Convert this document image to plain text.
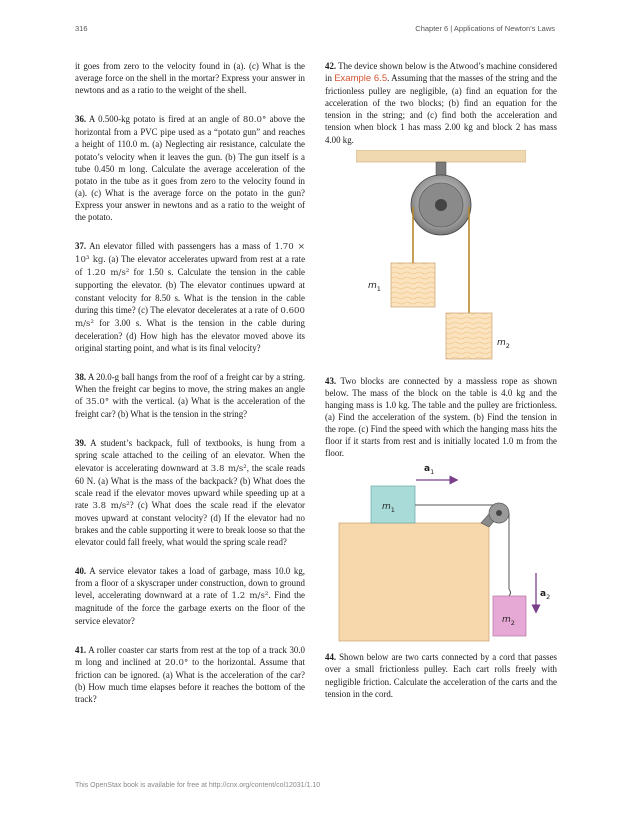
316	Chapter 6 | Applications of Newton's Laws

it goes from zero to the velocity found in (a). (c) What is the average force on the shell in the mortar? Express your answer in newtons and as a ratio to the weight of the shell.

36. A 0.500-kg potato is fired at an angle of 80.0° above the horizontal from a PVC pipe used as a “potato gun” and reaches a height of 110.0 m. (a) Neglecting air resistance, calculate the potato’s velocity when it leaves the gun. (b) The gun itself is a tube 0.450 m long. Calculate the average acceleration of the potato in the tube as it goes from zero to the velocity found in (a). (c) What is the average force on the potato in the gun? Express your answer in newtons and as a ratio to the weight of the potato.

37. An elevator filled with passengers has a mass of 1.70 × 10³ kg. (a) The elevator accelerates upward from rest at a rate of 1.20 m/s² for 1.50 s. Calculate the tension in the cable supporting the elevator. (b) The elevator continues upward at constant velocity for 8.50 s. What is the tension in the cable during this time? (c) The elevator decelerates at a rate of 0.600 m/s² for 3.00 s. What is the tension in the cable during deceleration? (d) How high has the elevator moved above its original starting point, and what is its final velocity?

38. A 20.0-g ball hangs from the roof of a freight car by a string. When the freight car begins to move, the string makes an angle of 35.0° with the vertical. (a) What is the acceleration of the freight car? (b) What is the tension in the string?

39. A student’s backpack, full of textbooks, is hung from a spring scale attached to the ceiling of an elevator. When the elevator is accelerating downward at 3.8 m/s², the scale reads 60 N. (a) What is the mass of the backpack? (b) What does the scale read if the elevator moves upward while speeding up at a rate 3.8 m/s²? (c) What does the scale read if the elevator moves upward at constant velocity? (d) If the elevator had no brakes and the cable supporting it were to break loose so that the elevator could fall freely, what would the spring scale read?

40. A service elevator takes a load of garbage, mass 10.0 kg, from a floor of a skyscraper under construction, down to ground level, accelerating downward at a rate of 1.2 m/s². Find the magnitude of the force the garbage exerts on the floor of the service elevator?

41. A roller coaster car starts from rest at the top of a track 30.0 m long and inclined at 20.0° to the horizontal. Assume that friction can be ignored. (a) What is the acceleration of the car? (b) How much time elapses before it reaches the bottom of the track?

42. The device shown below is the Atwood’s machine considered in Example 6.5. Assuming that the masses of the string and the frictionless pulley are negligible, (a) find an equation for the acceleration of the two blocks; (b) find an equation for the tension in the string; and (c) find both the acceleration and tension when block 1 has mass 2.00 kg and block 2 has mass 4.00 kg.

$m_1$
$m_2$

43. Two blocks are connected by a massless rope as shown below. The mass of the block on the table is 4.0 kg and the hanging mass is 1.0 kg. The table and the pulley are frictionless. (a) Find the acceleration of the system. (b) Find the tension in the rope. (c) Find the speed with which the hanging mass hits the floor if it starts from rest and is initially located 1.0 m from the floor.

$a_1$
$m_1$
$m_2$
$a_2$

44. Shown below are two carts connected by a cord that passes over a small frictionless pulley. Each cart rolls freely with negligible friction. Calculate the acceleration of the carts and the tension in the cord.

This OpenStax book is available for free at http://cnx.org/content/col12031/1.10
